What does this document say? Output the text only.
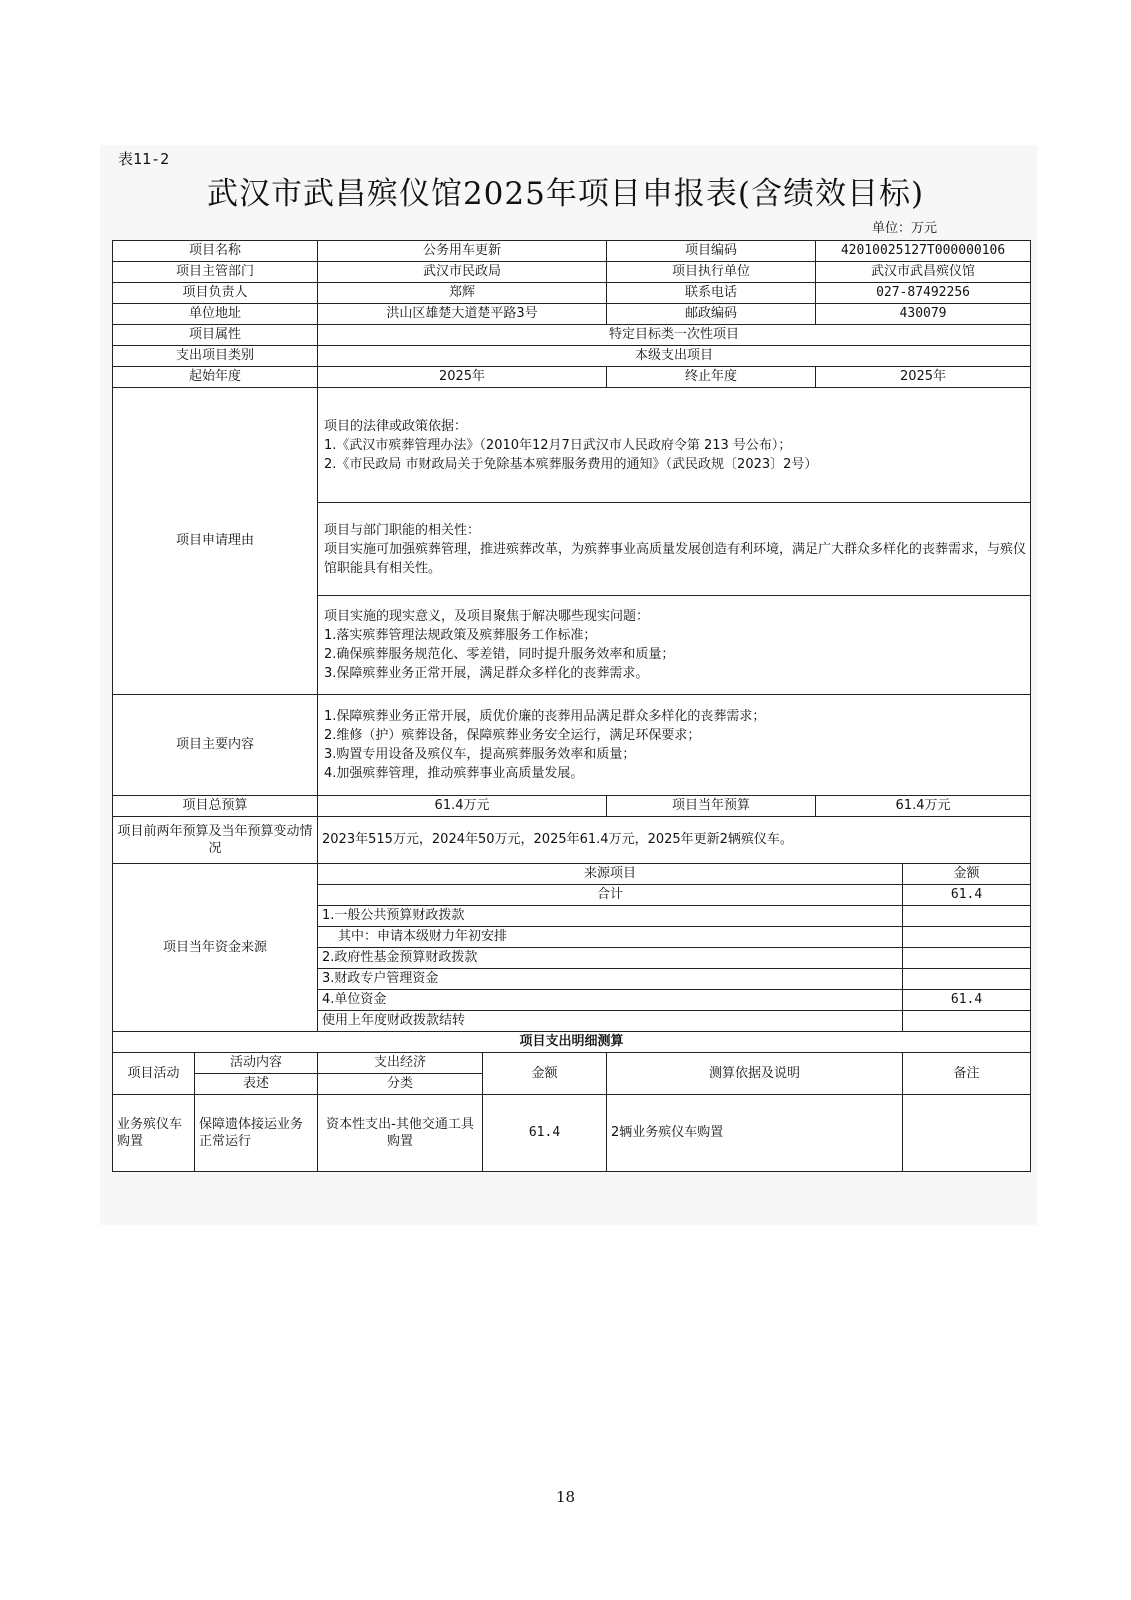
表11-2
武汉市武昌殡仪馆2025年项目申报表(含绩效目标)
单位：万元
项目名称		公务用车更新		项目编码	42010025127T000000106	
项目主管部门		武汉市民政局		项目执行单位	武汉市武昌殡仪馆	
项目负责人		郑辉		联系电话	027-87492256	
单位地址		洪山区雄楚大道楚平路3号		邮政编码	430079	
项目属性		特定目标类一次性项目				
支出项目类别		本级支出项目				
起始年度		2025年		终止年度	2025年	
项目申请理由		项目的法律或政策依据：
1.《武汉市殡葬管理办法》（2010年12月7日武汉市人民政府令第 213 号公布）；
2.《市民政局 市财政局关于免除基本殡葬服务费用的通知》（武民政规〔2023〕2号）				

		项目与部门职能的相关性：
项目实施可加强殡葬管理，推进殡葬改革，为殡葬事业高质量发展创造有利环境，满足广大群众多样化的丧葬需求，与殡仪馆职能具有相关性。				

		项目实施的现实意义，及项目聚焦于解决哪些现实问题：
1.落实殡葬管理法规政策及殡葬服务工作标准；
2.确保殡葬服务规范化、零差错，同时提升服务效率和质量；
3.保障殡葬业务正常开展，满足群众多样化的丧葬需求。				

项目主要内容		1.保障殡葬业务正常开展，质优价廉的丧葬用品满足群众多样化的丧葬需求；
2.维修（护）殡葬设备，保障殡葬业务安全运行，满足环保要求；
3.购置专用设备及殡仪车，提高殡葬服务效率和质量；
4.加强殡葬管理，推动殡葬事业高质量发展。				

项目总预算		61.4万元		项目当年预算	61.4万元	
项目前两年预算及当年预算变动情况		2023年515万元，2024年50万元，2025年61.4万元，2025年更新2辆殡仪车。				
项目当年资金来源		来源项目				金额
		合计				61.4
		1.一般公共预算财政拨款				
		其中：申请本级财力年初安排				
		2.政府性基金预算财政拨款				
		3.财政专户管理资金				
		4.单位资金				61.4
		使用上年度财政拨款结转				
项目支出明细测算						
项目活动	活动内容	支出经济	金额	测算依据及说明		备注
	表述	分类				
业务殡仪车购置	保障遗体接运业务正常运行	资本性支出-其他交通工具购置	61.4	2辆业务殡仪车购置		
18
